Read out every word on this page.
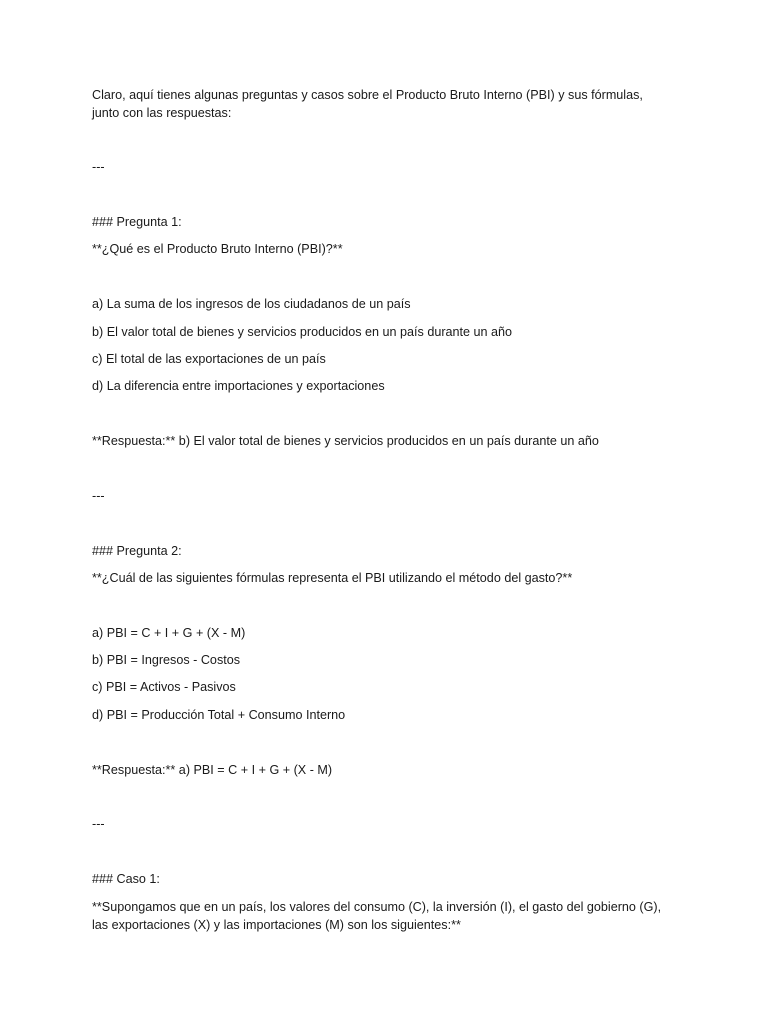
Claro, aquí tienes algunas preguntas y casos sobre el Producto Bruto Interno (PBI) y sus fórmulas,
junto con las respuestas:
---
### Pregunta 1:
**¿Qué es el Producto Bruto Interno (PBI)?**
a) La suma de los ingresos de los ciudadanos de un país
b) El valor total de bienes y servicios producidos en un país durante un año
c) El total de las exportaciones de un país
d) La diferencia entre importaciones y exportaciones
**Respuesta:** b) El valor total de bienes y servicios producidos en un país durante un año
---
### Pregunta 2:
**¿Cuál de las siguientes fórmulas representa el PBI utilizando el método del gasto?**
a) PBI = C + I + G + (X - M)
b) PBI = Ingresos - Costos
c) PBI = Activos - Pasivos
d) PBI = Producción Total + Consumo Interno
**Respuesta:** a) PBI = C + I + G + (X - M)
---
### Caso 1:
**Supongamos que en un país, los valores del consumo (C), la inversión (I), el gasto del gobierno (G),
las exportaciones (X) y las importaciones (M) son los siguientes:**
